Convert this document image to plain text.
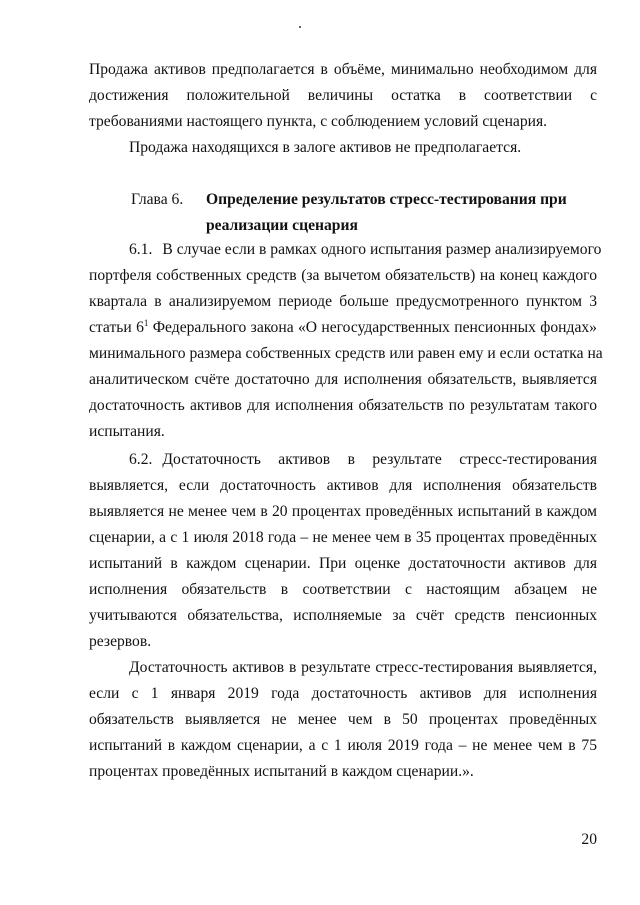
Продажа активов предполагается в объёме, минимально необходимом для
достижения положительной величины остатка в соответствии с
требованиями настоящего пункта, с соблюдением условий сценария.
Продажа находящихся в залоге активов не предполагается.
Глава 6. Определение результатов стресс-тестирования при
реализации сценария
6.1. В случае если в рамках одного испытания размер анализируемого
портфеля собственных средств (за вычетом обязательств) на конец каждого
квартала в анализируемом периоде больше предусмотренного пунктом 3
статьи $6^1$ Федерального закона «О негосударственных пенсионных фондах»
минимального размера собственных средств или равен ему и если остатка на
аналитическом счёте достаточно для исполнения обязательств, выявляется
достаточность активов для исполнения обязательств по результатам такого
испытания.
6.2. Достаточность активов в результате стресс-тестирования
выявляется, если достаточность активов для исполнения обязательств
выявляется не менее чем в 20 процентах проведённых испытаний в каждом
сценарии, а с 1 июля 2018 года – не менее чем в 35 процентах проведённых
испытаний в каждом сценарии. При оценке достаточности активов для
исполнения обязательств в соответствии с настоящим абзацем не
учитываются обязательства, исполняемые за счёт средств пенсионных
резервов.
Достаточность активов в результате стресс-тестирования выявляется,
если с 1 января 2019 года достаточность активов для исполнения
обязательств выявляется не менее чем в 50 процентах проведённых
испытаний в каждом сценарии, а с 1 июля 2019 года – не менее чем в 75
процентах проведённых испытаний в каждом сценарии.».
20
